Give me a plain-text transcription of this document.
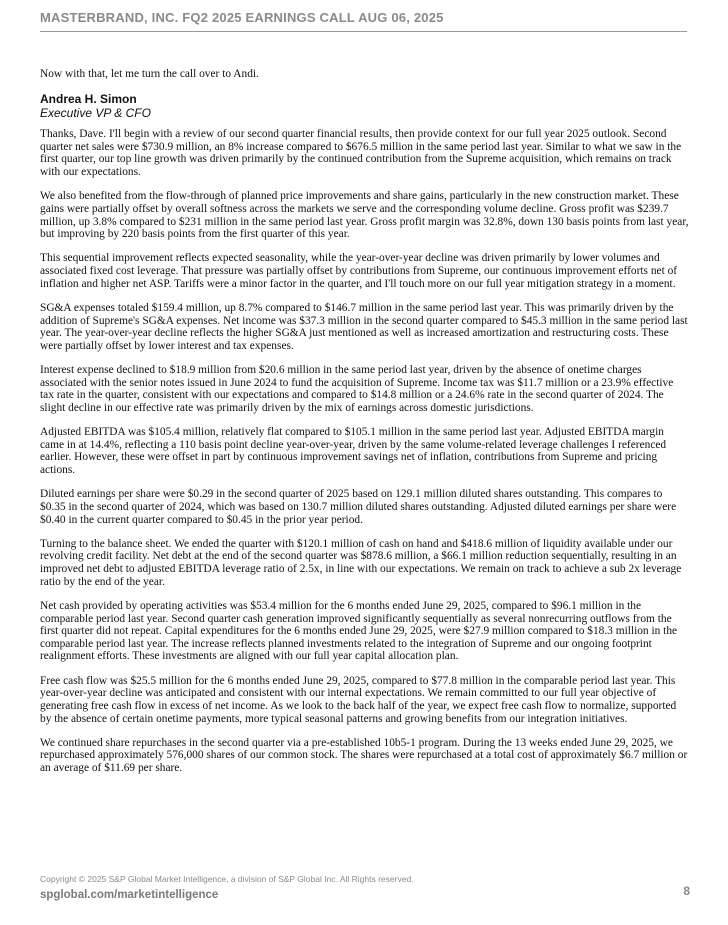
MASTERBRAND, INC. FQ2 2025 EARNINGS CALL AUG 06, 2025

Now with that, let me turn the call over to Andi.

Andrea H. Simon
Executive VP & CFO

Thanks, Dave. I'll begin with a review of our second quarter financial results, then provide context for our full year 2025 outlook. Second quarter net sales were $730.9 million, an 8% increase compared to $676.5 million in the same period last year. Similar to what we saw in the first quarter, our top line growth was driven primarily by the continued contribution from the Supreme acquisition, which remains on track with our expectations.

We also benefited from the flow-through of planned price improvements and share gains, particularly in the new construction market. These gains were partially offset by overall softness across the markets we serve and the corresponding volume decline. Gross profit was $239.7 million, up 3.8% compared to $231 million in the same period last year. Gross profit margin was 32.8%, down 130 basis points from last year, but improving by 220 basis points from the first quarter of this year.

This sequential improvement reflects expected seasonality, while the year-over-year decline was driven primarily by lower volumes and associated fixed cost leverage. That pressure was partially offset by contributions from Supreme, our continuous improvement efforts net of inflation and higher net ASP. Tariffs were a minor factor in the quarter, and I'll touch more on our full year mitigation strategy in a moment.

SG&A expenses totaled $159.4 million, up 8.7% compared to $146.7 million in the same period last year. This was primarily driven by the addition of Supreme's SG&A expenses. Net income was $37.3 million in the second quarter compared to $45.3 million in the same period last year. The year-over-year decline reflects the higher SG&A just mentioned as well as increased amortization and restructuring costs. These were partially offset by lower interest and tax expenses.

Interest expense declined to $18.9 million from $20.6 million in the same period last year, driven by the absence of onetime charges associated with the senior notes issued in June 2024 to fund the acquisition of Supreme. Income tax was $11.7 million or a 23.9% effective tax rate in the quarter, consistent with our expectations and compared to $14.8 million or a 24.6% rate in the second quarter of 2024. The slight decline in our effective rate was primarily driven by the mix of earnings across domestic jurisdictions.

Adjusted EBITDA was $105.4 million, relatively flat compared to $105.1 million in the same period last year. Adjusted EBITDA margin came in at 14.4%, reflecting a 110 basis point decline year-over-year, driven by the same volume-related leverage challenges I referenced earlier. However, these were offset in part by continuous improvement savings net of inflation, contributions from Supreme and pricing actions.

Diluted earnings per share were $0.29 in the second quarter of 2025 based on 129.1 million diluted shares outstanding. This compares to $0.35 in the second quarter of 2024, which was based on 130.7 million diluted shares outstanding. Adjusted diluted earnings per share were $0.40 in the current quarter compared to $0.45 in the prior year period.

Turning to the balance sheet. We ended the quarter with $120.1 million of cash on hand and $418.6 million of liquidity available under our revolving credit facility. Net debt at the end of the second quarter was $878.6 million, a $66.1 million reduction sequentially, resulting in an improved net debt to adjusted EBITDA leverage ratio of 2.5x, in line with our expectations. We remain on track to achieve a sub 2x leverage ratio by the end of the year.

Net cash provided by operating activities was $53.4 million for the 6 months ended June 29, 2025, compared to $96.1 million in the comparable period last year. Second quarter cash generation improved significantly sequentially as several nonrecurring outflows from the first quarter did not repeat. Capital expenditures for the 6 months ended June 29, 2025, were $27.9 million compared to $18.3 million in the comparable period last year. The increase reflects planned investments related to the integration of Supreme and our ongoing footprint realignment efforts. These investments are aligned with our full year capital allocation plan.

Free cash flow was $25.5 million for the 6 months ended June 29, 2025, compared to $77.8 million in the comparable period last year. This year-over-year decline was anticipated and consistent with our internal expectations. We remain committed to our full year objective of generating free cash flow in excess of net income. As we look to the back half of the year, we expect free cash flow to normalize, supported by the absence of certain onetime payments, more typical seasonal patterns and growing benefits from our integration initiatives.

We continued share repurchases in the second quarter via a pre-established 10b5-1 program. During the 13 weeks ended June 29, 2025, we repurchased approximately 576,000 shares of our common stock. The shares were repurchased at a total cost of approximately $6.7 million or an average of $11.69 per share.

Copyright © 2025 S&P Global Market Intelligence, a division of S&P Global Inc. All Rights reserved.
spglobal.com/marketintelligence	8
